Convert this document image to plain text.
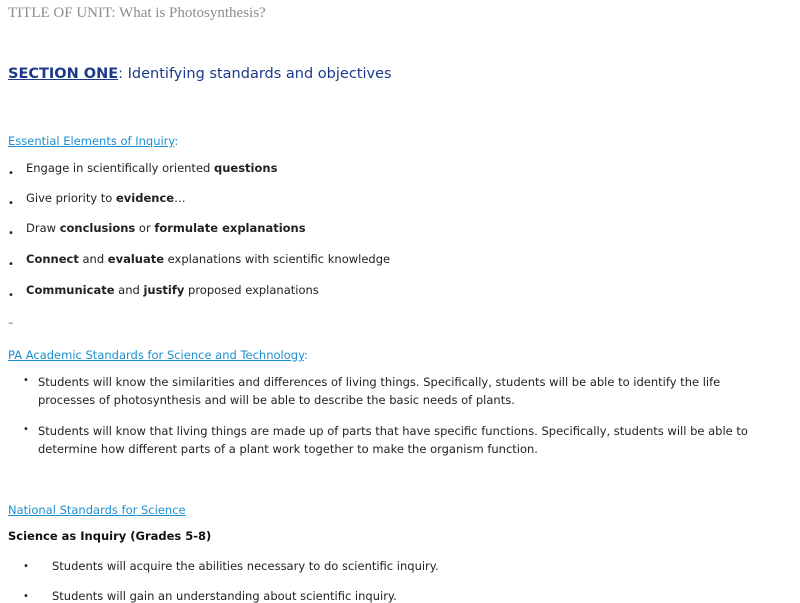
TITLE OF UNIT: What is Photosynthesis?
SECTION ONE: Identifying standards and objectives
Essential Elements of Inquiry:
• Engage in scientifically oriented questions
• Give priority to evidence…
• Draw conclusions or formulate explanations
• Connect and evaluate explanations with scientific knowledge
• Communicate and justify proposed explanations
–
PA Academic Standards for Science and Technology:
• Students will know the similarities and differences of living things. Specifically, students will be able to identify the life processes of photosynthesis and will be able to describe the basic needs of plants.
• Students will know that living things are made up of parts that have specific functions. Specifically, students will be able to determine how different parts of a plant work together to make the organism function.
National Standards for Science
Science as Inquiry (Grades 5-8)
• Students will acquire the abilities necessary to do scientific inquiry.
• Students will gain an understanding about scientific inquiry.
